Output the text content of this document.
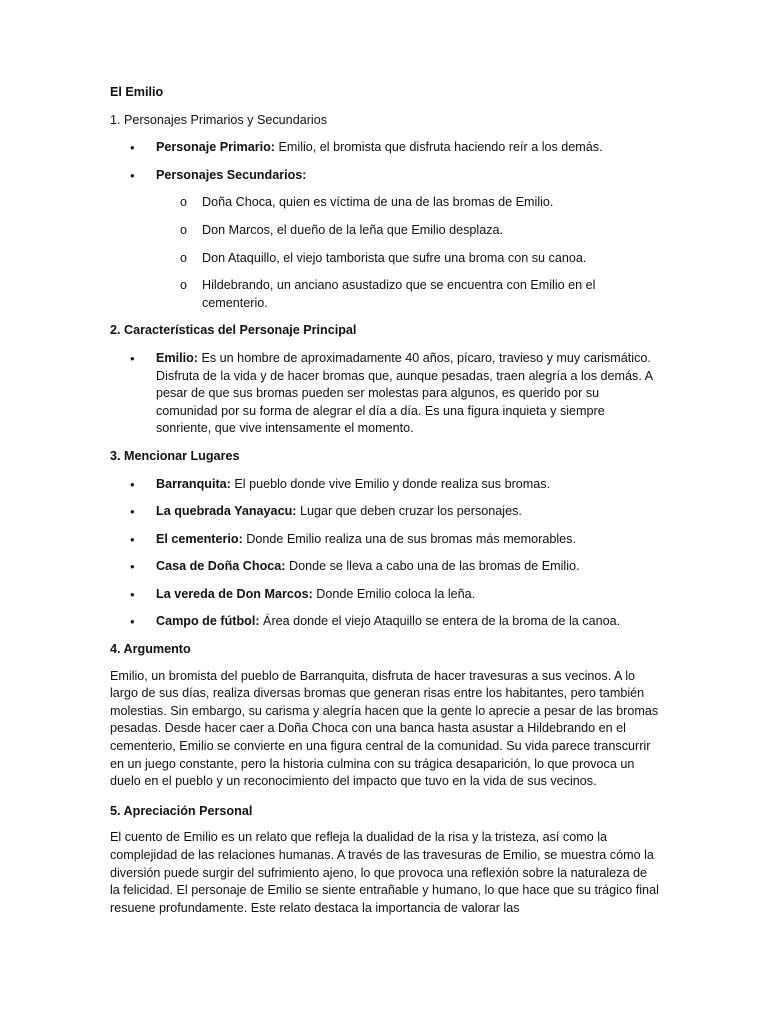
El Emilio

1. Personajes Primarios y Secundarios

• Personaje Primario: Emilio, el bromista que disfruta haciendo reír a los demás.
• Personajes Secundarios:
o Doña Choca, quien es víctima de una de las bromas de Emilio.
o Don Marcos, el dueño de la leña que Emilio desplaza.
o Don Ataquillo, el viejo tamborista que sufre una broma con su canoa.
o Hildebrando, un anciano asustadizo que se encuentra con Emilio en el cementerio.

2. Características del Personaje Principal

• Emilio: Es un hombre de aproximadamente 40 años, pícaro, travieso y muy carismático. Disfruta de la vida y de hacer bromas que, aunque pesadas, traen alegría a los demás. A pesar de que sus bromas pueden ser molestas para algunos, es querido por su comunidad por su forma de alegrar el día a día. Es una figura inquieta y siempre sonriente, que vive intensamente el momento.

3. Mencionar Lugares

• Barranquita: El pueblo donde vive Emilio y donde realiza sus bromas.
• La quebrada Yanayacu: Lugar que deben cruzar los personajes.
• El cementerio: Donde Emilio realiza una de sus bromas más memorables.
• Casa de Doña Choca: Donde se lleva a cabo una de las bromas de Emilio.
• La vereda de Don Marcos: Donde Emilio coloca la leña.
• Campo de fútbol: Área donde el viejo Ataquillo se entera de la broma de la canoa.

4. Argumento

Emilio, un bromista del pueblo de Barranquita, disfruta de hacer travesuras a sus vecinos. A lo largo de sus días, realiza diversas bromas que generan risas entre los habitantes, pero también molestias. Sin embargo, su carisma y alegría hacen que la gente lo aprecie a pesar de las bromas pesadas. Desde hacer caer a Doña Choca con una banca hasta asustar a Hildebrando en el cementerio, Emilio se convierte en una figura central de la comunidad. Su vida parece transcurrir en un juego constante, pero la historia culmina con su trágica desaparición, lo que provoca un duelo en el pueblo y un reconocimiento del impacto que tuvo en la vida de sus vecinos.

5. Apreciación Personal

El cuento de Emilio es un relato que refleja la dualidad de la risa y la tristeza, así como la complejidad de las relaciones humanas. A través de las travesuras de Emilio, se muestra cómo la diversión puede surgir del sufrimiento ajeno, lo que provoca una reflexión sobre la naturaleza de la felicidad. El personaje de Emilio se siente entrañable y humano, lo que hace que su trágico final resuene profundamente. Este relato destaca la importancia de valorar las
